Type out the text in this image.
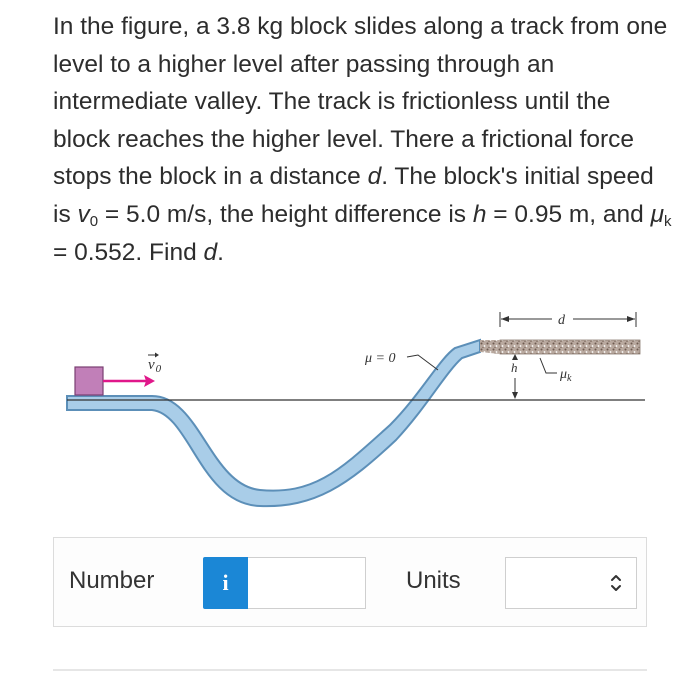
In the figure, a 3.8 kg block slides along a track from one level to a higher level after passing through an intermediate valley. The track is frictionless until the block reaches the higher level. There a frictional force stops the block in a distance d. The block's initial speed is $v_0 = 5.0$ m/s, the height difference is h = 0.95 m, and $\mu_k = 0.552$. Find d.

$v_0$
μ = 0
h
d
$\mu_k$
Number	i	Units
